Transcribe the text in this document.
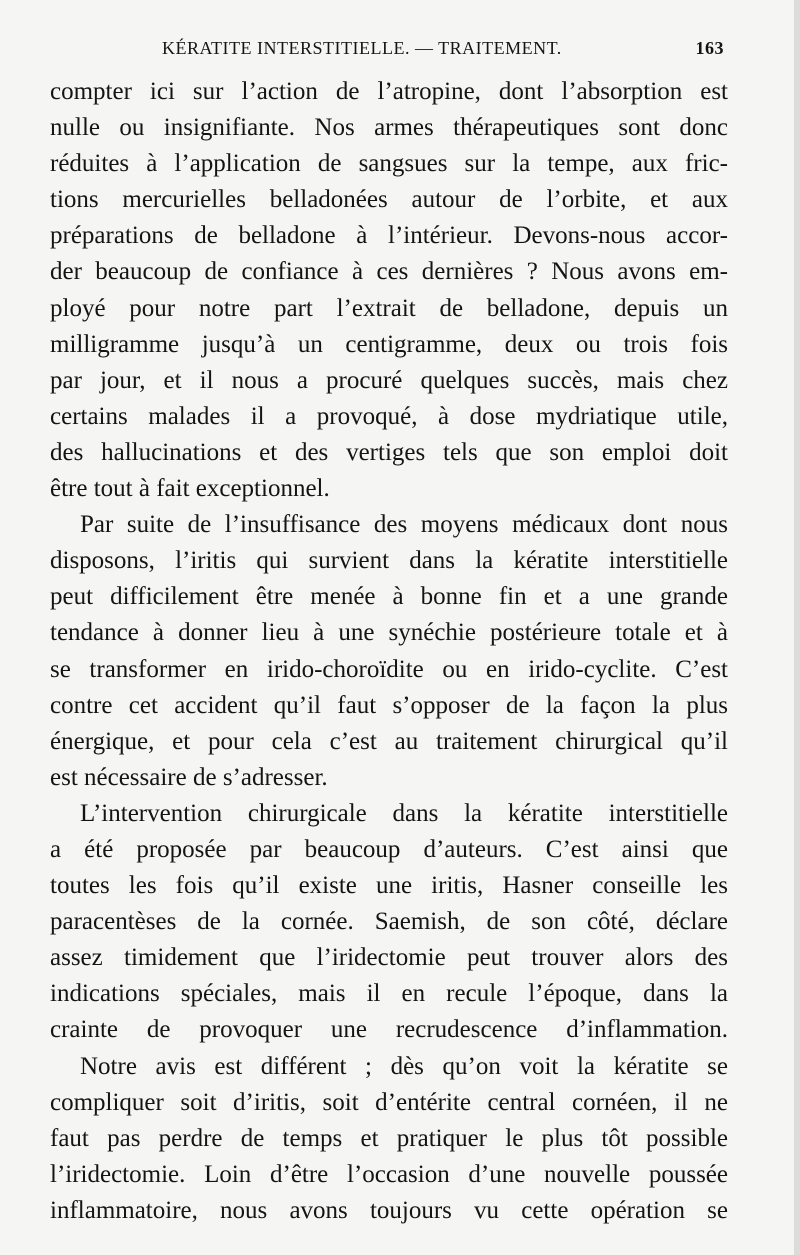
KÉRATITE INTERSTITIELLE. — TRAITEMENT.	163
compter ici sur l’action de l’atropine, dont l’absorption est
nulle ou insignifiante. Nos armes thérapeutiques sont donc
réduites à l’application de sangsues sur la tempe, aux fric-
tions mercurielles belladonées autour de l’orbite, et aux
préparations de belladone à l’intérieur. Devons-nous accor-
der beaucoup de confiance à ces dernières ? Nous avons em-
ployé pour notre part l’extrait de belladone, depuis un
milligramme jusqu’à un centigramme, deux ou trois fois
par jour, et il nous a procuré quelques succès, mais chez
certains malades il a provoqué, à dose mydriatique utile,
des hallucinations et des vertiges tels que son emploi doit
être tout à fait exceptionnel.
Par suite de l’insuffisance des moyens médicaux dont nous
disposons, l’iritis qui survient dans la kératite interstitielle
peut difficilement être menée à bonne fin et a une grande
tendance à donner lieu à une synéchie postérieure totale et à
se transformer en irido-choroïdite ou en irido-cyclite. C’est
contre cet accident qu’il faut s’opposer de la façon la plus
énergique, et pour cela c’est au traitement chirurgical qu’il
est nécessaire de s’adresser.
L’intervention chirurgicale dans la kératite interstitielle
a été proposée par beaucoup d’auteurs. C’est ainsi que
toutes les fois qu’il existe une iritis, Hasner conseille les
paracentèses de la cornée. Saemish, de son côté, déclare
assez timidement que l’iridectomie peut trouver alors des
indications spéciales, mais il en recule l’époque, dans la
crainte de provoquer une recrudescence d’inflammation.
Notre avis est différent ; dès qu’on voit la kératite se
compliquer soit d’iritis, soit d’entérite central cornéen, il ne
faut pas perdre de temps et pratiquer le plus tôt possible
l’iridectomie. Loin d’être l’occasion d’une nouvelle poussée
inflammatoire, nous avons toujours vu cette opération se
